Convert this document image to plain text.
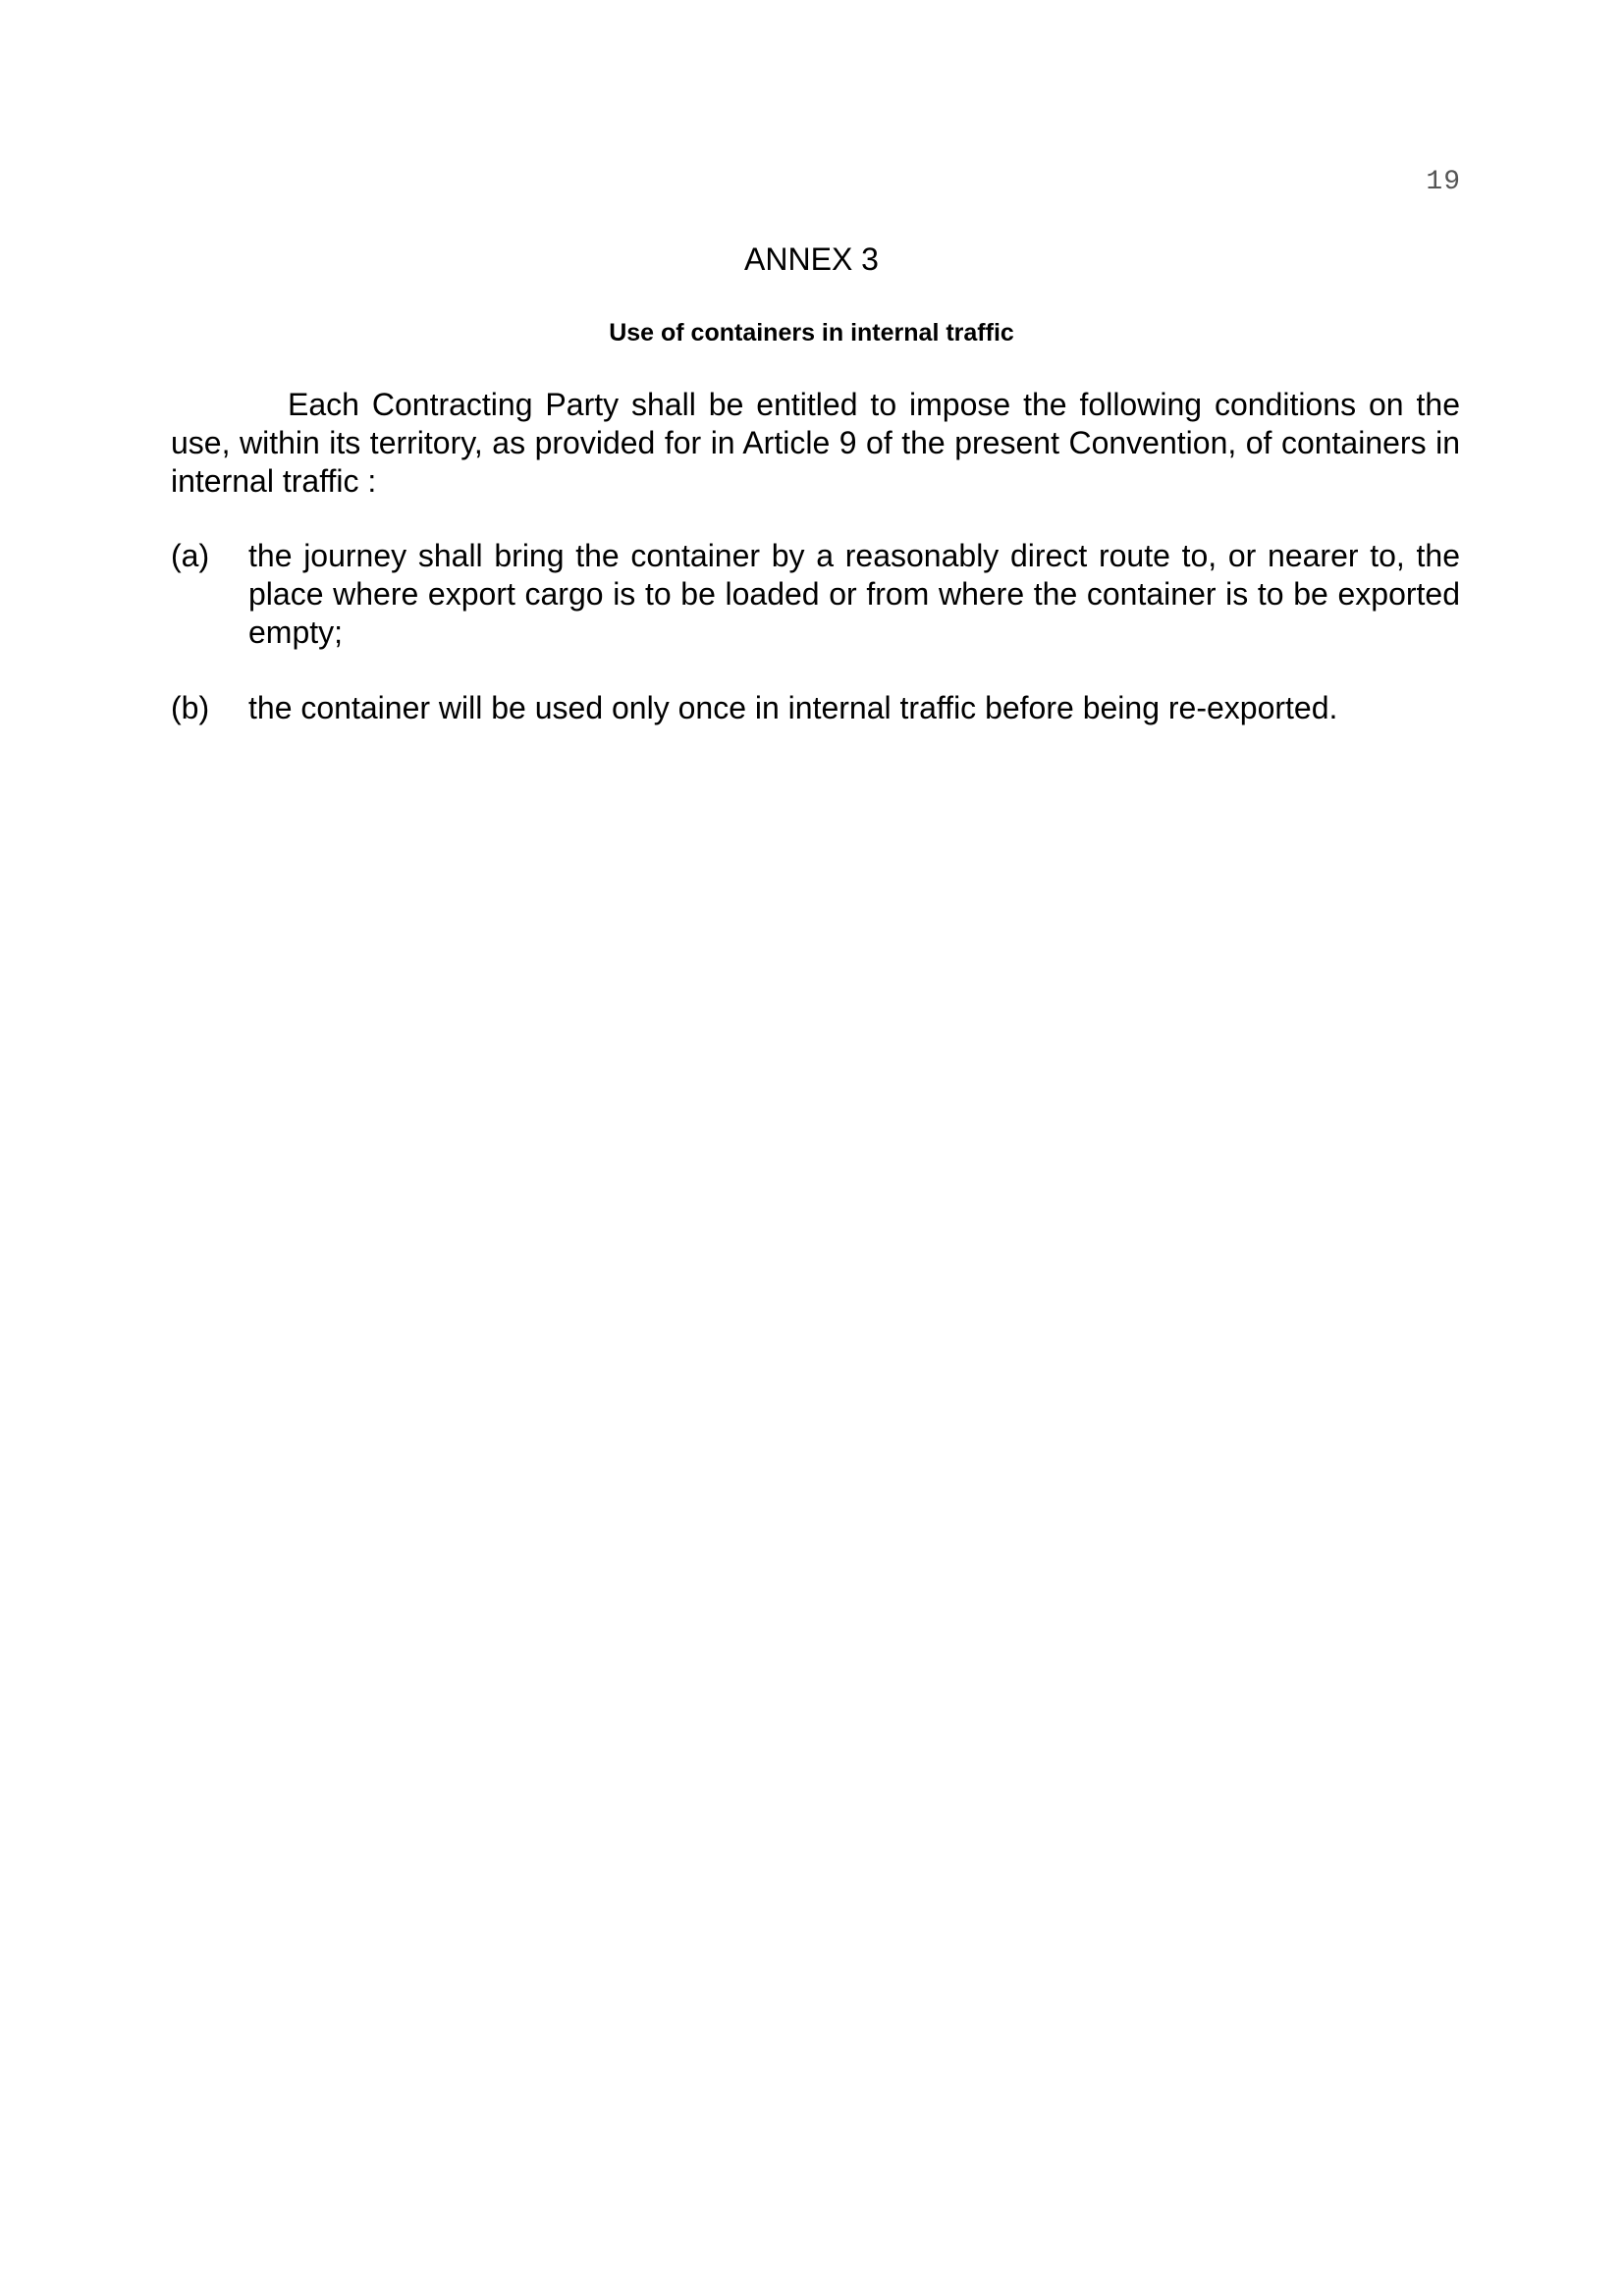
19
ANNEX 3
Use of containers in internal traffic

Each Contracting Party shall be entitled to impose the following conditions on the use, within its territory, as provided for in Article 9 of the present Convention, of containers in internal traffic :

(a)	the journey shall bring the container by a reasonably direct route to, or nearer to, the place where export cargo is to be loaded or from where the container is to be exported empty;
(b)	the container will be used only once in internal traffic before being re-exported.
